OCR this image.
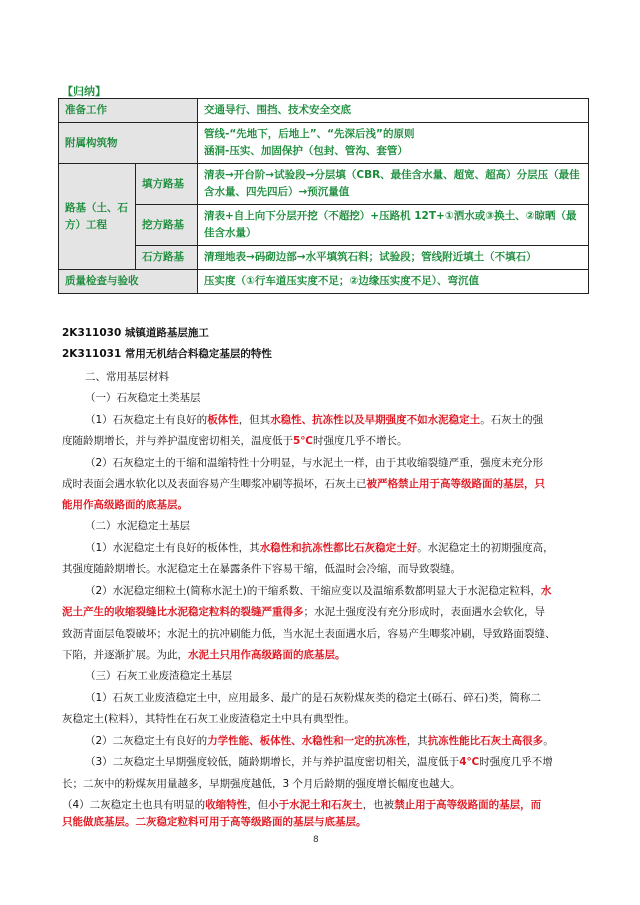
【归纳】
准备工作		交通导行、围挡、技术安全交底
附属构筑物		管线-“先地下，后地上”、“先深后浅”的原则
涵洞-压实、加固保护（包封、管沟、套管）

路基（土、石方）工程	填方路基	清表→开台阶→试验段→分层填（CBR、最佳含水量、超宽、超高）分层压（最佳含水量、四先四后）→预沉量值
	挖方路基	清表+自上向下分层开挖（不超挖）+压路机 12T+①洒水或③换土、②晾晒（最佳含水量）
	石方路基	清理地表→码砌边部→水平填筑石料；试验段；管线附近填土（不填石）
质量检查与验收		压实度（①行车道压实度不足；②边缘压实度不足）、弯沉值
2K311030 城镇道路基层施工
2K311031 常用无机结合料稳定基层的特性
二、常用基层材料
（一）石灰稳定土类基层
（1）石灰稳定土有良好的板体性，但其水稳性、抗冻性以及早期强度不如水泥稳定土。石灰土的强
度随龄期增长，并与养护温度密切相关，温度低于5℃时强度几乎不增长。
（2）石灰稳定土的干缩和温缩特性十分明显，与水泥土一样，由于其收缩裂缝严重，强度未充分形
成时表面会遇水软化以及表面容易产生唧浆冲刷等损坏，石灰土已被严格禁止用于高等级路面的基层，只
能用作高级路面的底基层。
（二）水泥稳定土基层
（1）水泥稳定土有良好的板体性，其水稳性和抗冻性都比石灰稳定土好。水泥稳定土的初期强度高，
其强度随龄期增长。水泥稳定土在暴露条件下容易干缩，低温时会冷缩，而导致裂缝。
（2）水泥稳定细粒土(简称水泥土)的干缩系数、干缩应变以及温缩系数都明显大于水泥稳定粒料，水
泥土产生的收缩裂缝比水泥稳定粒料的裂缝严重得多；水泥土强度没有充分形成时，表面遇水会软化，导
致沥青面层龟裂破坏；水泥土的抗冲刷能力低，当水泥土表面遇水后，容易产生唧浆冲刷，导致路面裂缝、
下陷，并逐渐扩展。为此，水泥土只用作高级路面的底基层。
（三）石灰工业废渣稳定土基层
（1）石灰工业废渣稳定土中，应用最多、最广的是石灰粉煤灰类的稳定土(砾石、碎石)类，简称二
灰稳定土(粒料），其特性在石灰工业废渣稳定土中具有典型性。
（2）二灰稳定土有良好的力学性能、板体性、水稳性和一定的抗冻性，其抗冻性能比石灰土高很多。
（3）二灰稳定土早期强度较低，随龄期增长，并与养护温度密切相关，温度低于4℃时强度几乎不增
长；二灰中的粉煤灰用量越多，早期强度越低，3 个月后龄期的强度增长幅度也越大。
（4）二灰稳定土也具有明显的收缩特性，但小于水泥土和石灰土，也被禁止用于高等级路面的基层，而
只能做底基层。二灰稳定粒料可用于高等级路面的基层与底基层。
8
